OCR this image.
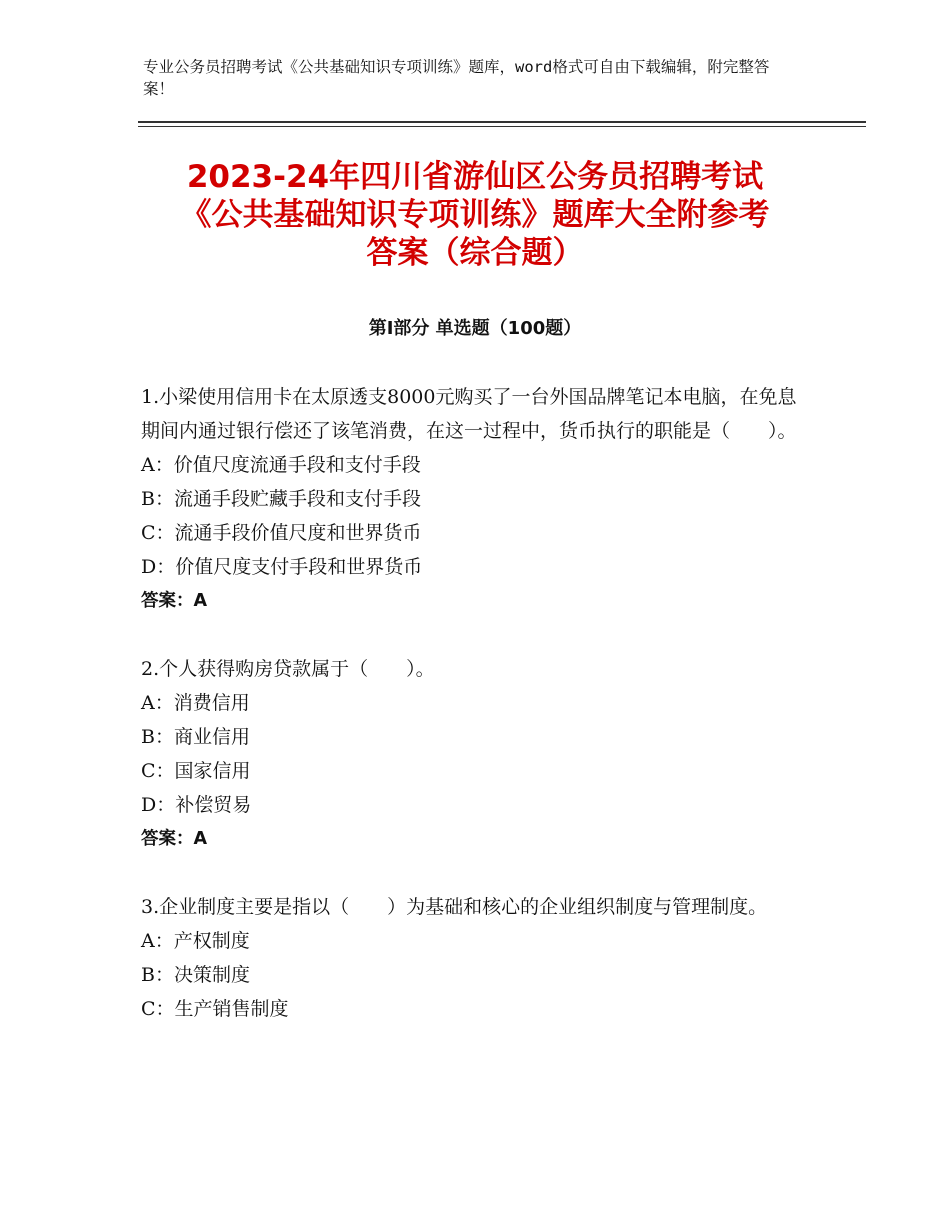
专业公务员招聘考试《公共基础知识专项训练》题库，word格式可自由下载编辑，附完整答案！
2023-24年四川省游仙区公务员招聘考试
《公共基础知识专项训练》题库大全附参考
答案（综合题）
第I部分 单选题（100题）
1.小梁使用信用卡在太原透支8000元购买了一台外国品牌笔记本电脑，在免息期间内通过银行偿还了该笔消费，在这一过程中，货币执行的职能是（　　）。
A：价值尺度流通手段和支付手段
B：流通手段贮藏手段和支付手段
C：流通手段价值尺度和世界货币
D：价值尺度支付手段和世界货币
答案：A
2.个人获得购房贷款属于（　　）。
A：消费信用
B：商业信用
C：国家信用
D：补偿贸易
答案：A
3.企业制度主要是指以（　　）为基础和核心的企业组织制度与管理制度。
A：产权制度
B：决策制度
C：生产销售制度
